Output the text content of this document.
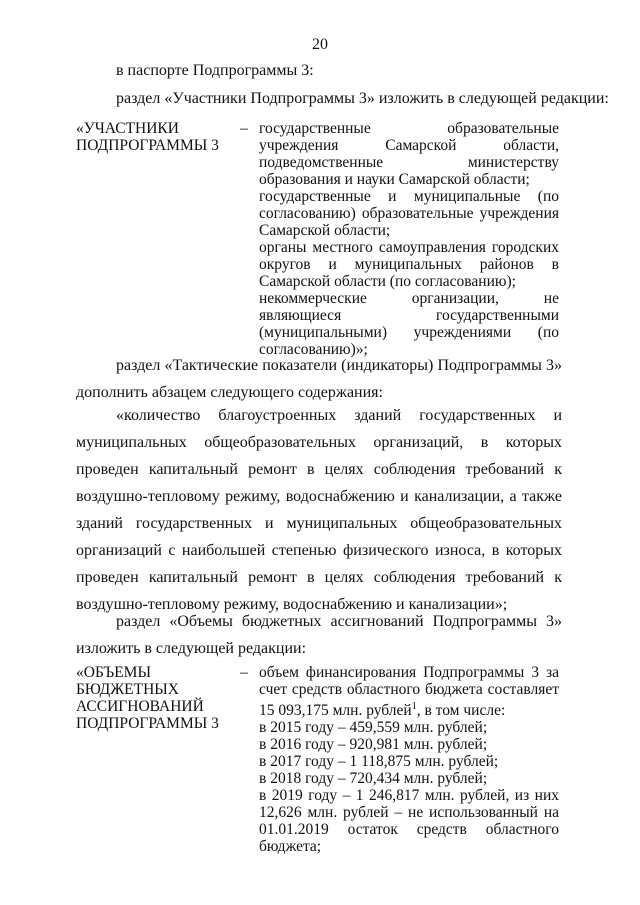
20

в паспорте Подпрограммы 3:

раздел «Участники Подпрограммы 3» изложить в следующей редакции:

«УЧАСТНИКИ
ПОДПРОГРАММЫ 3
– государственные образовательные учреждения Самарской области, подведомственные министерству образования и науки Самарской области;

государственные и муниципальные (по согласованию) образовательные учреждения Самарской области;

органы местного самоуправления городских округов и муниципальных районов в Самарской области (по согласованию);

некоммерческие организации, не являющиеся государственными (муниципальными) учреждениями (по согласованию)»;

раздел «Тактические показатели (индикаторы) Подпрограммы 3» дополнить абзацем следующего содержания:

«количество благоустроенных зданий государственных и муниципальных общеобразовательных организаций, в которых проведен капитальный ремонт в целях соблюдения требований к воздушно-тепловому режиму, водоснабжению и канализации, а также зданий государственных и муниципальных общеобразовательных организаций с наибольшей степенью физического износа, в которых проведен капитальный ремонт в целях соблюдения требований к воздушно-тепловому режиму, водоснабжению и канализации»;

раздел «Объемы бюджетных ассигнований Подпрограммы 3» изложить в следующей редакции:

«ОБЪЕМЫ
БЮДЖЕТНЫХ
АССИГНОВАНИЙ
ПОДПРОГРАММЫ 3
– объем финансирования Подпрограммы 3 за счет средств областного бюджета составляет 15 093,175 млн. рублей$^1$, в том числе:

в 2015 году – 459,559 млн. рублей;

в 2016 году – 920,981 млн. рублей;

в 2017 году – 1 118,875 млн. рублей;

в 2018 году – 720,434 млн. рублей;

в 2019 году – 1 246,817 млн. рублей, из них 12,626 млн. рублей – не использованный на 01.01.2019 остаток средств областного бюджета;
